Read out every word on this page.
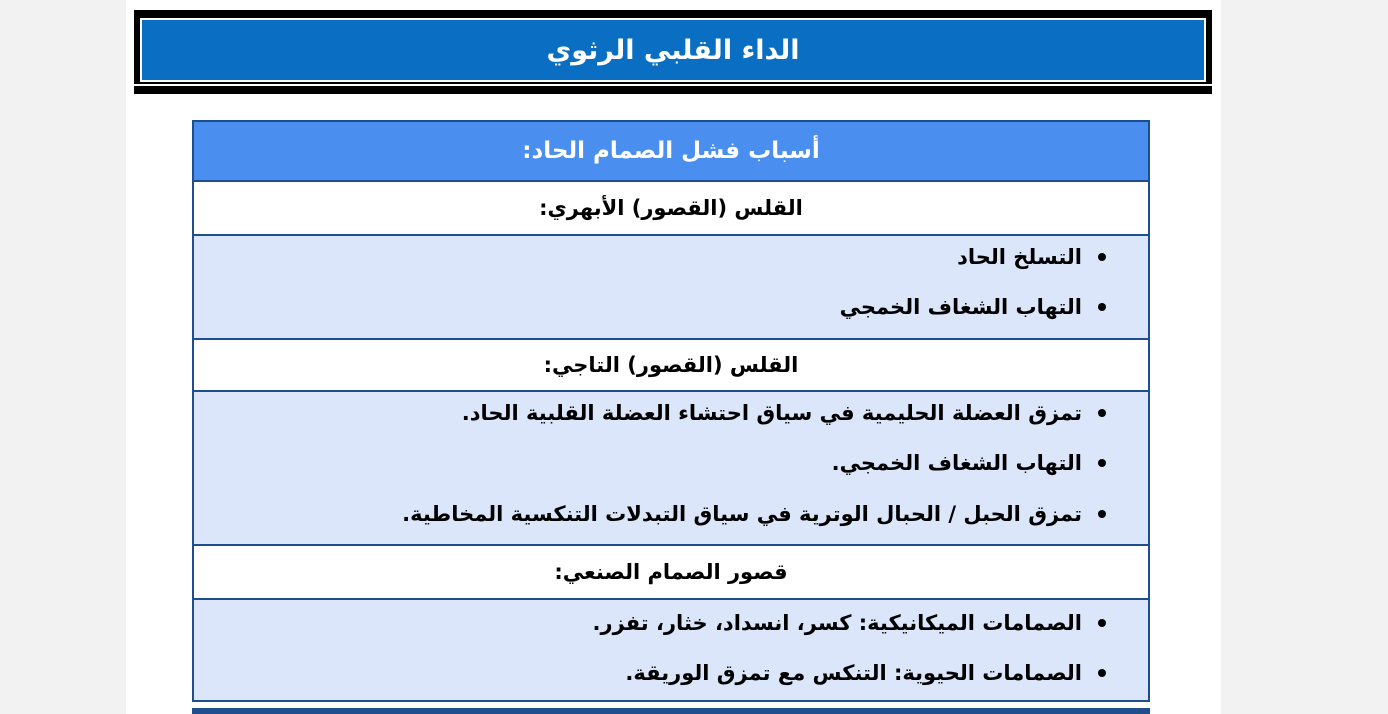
الداء القلبي الرثوي
أسباب فشل الصمام الحاد:
القلس (القصور) الأبهري:
التسلخ الحاد
التهاب الشغاف الخمجي
القلس (القصور) التاجي:
تمزق العضلة الحليمية في سياق احتشاء العضلة القلبية الحاد.
التهاب الشغاف الخمجي.
تمزق الحبل / الحبال الوترية في سياق التبدلات التنكسية المخاطية.
قصور الصمام الصنعي:
الصمامات الميكانيكية: كسر، انسداد، خثار، تفزر.
الصمامات الحيوية: التنكس مع تمزق الوريقة.
